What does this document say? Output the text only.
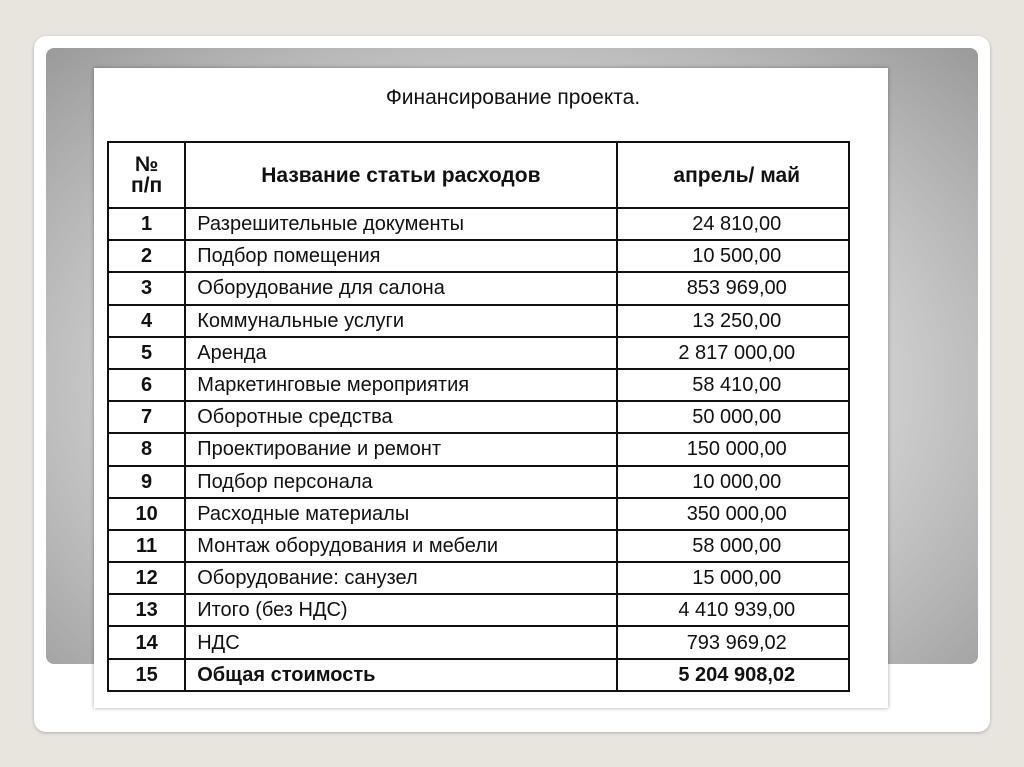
Финансирование проекта.
№
п/п	Название статьи расходов	апрель/ май
1	Разрешительные документы	24 810,00
2	Подбор помещения	10 500,00
3	Оборудование для салона	853 969,00
4	Коммунальные услуги	13 250,00
5	Аренда	2 817 000,00
6	Маркетинговые мероприятия	58 410,00
7	Оборотные средства	50 000,00
8	Проектирование и ремонт	150 000,00
9	Подбор персонала	10 000,00
10	Расходные материалы	350 000,00
11	Монтаж оборудования и мебели	58 000,00
12	Оборудование: санузел	15 000,00
13	Итого (без НДС)	4 410 939,00
14	НДС	793 969,02
15	Общая стоимость	5 204 908,02
